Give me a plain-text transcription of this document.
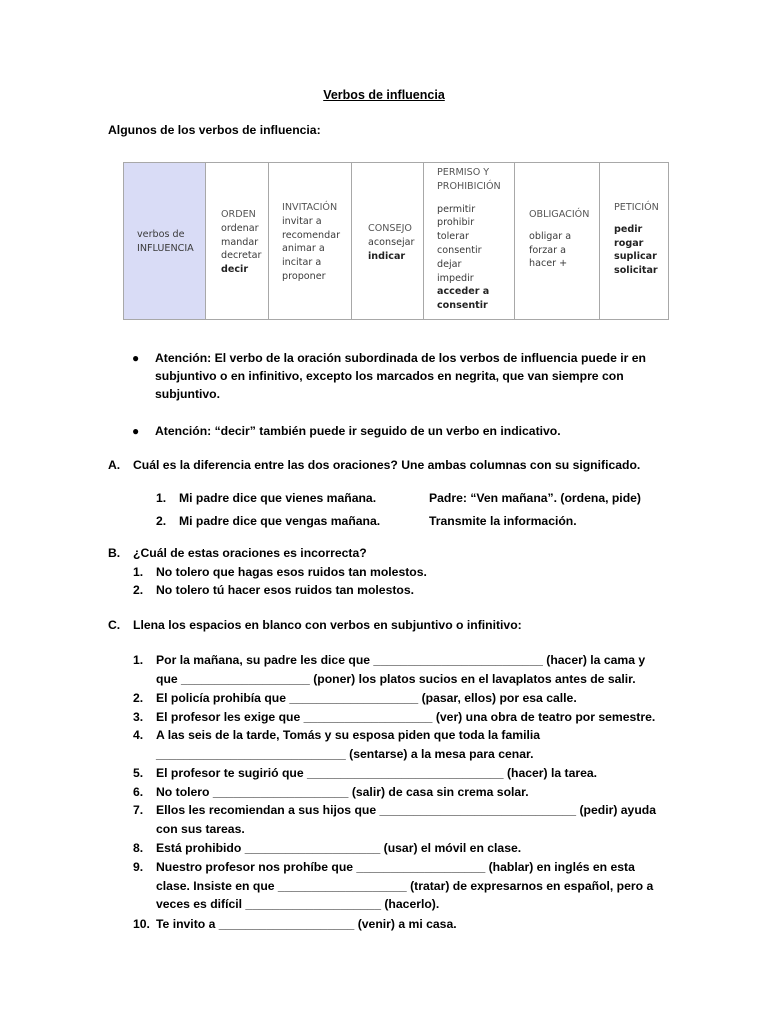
Verbos de influencia
Algunos de los verbos de influencia:
verbos de
INFLUENCIA
ORDEN
ordenar
mandar
decretar
decir
INVITACIÓN
invitar a
recomendar
animar a
incitar a
proponer
CONSEJO
aconsejar
indicar
PERMISO Y
PROHIBICIÓN
permitir
prohibir
tolerar
consentir
dejar
impedir
acceder a
consentir
OBLIGACIÓN
obligar a
forzar a
hacer +
PETICIÓN
pedir
rogar
suplicar
solicitar
● Atención: El verbo de la oración subordinada de los verbos de influencia puede ir en
subjuntivo o en infinitivo, excepto los marcados en negrita, que van siempre con
subjuntivo.
● Atención: “decir” también puede ir seguido de un verbo en indicativo.
A. Cuál es la diferencia entre las dos oraciones? Une ambas columnas con su significado.
1. Mi padre dice que vienes mañana.	Padre: “Ven mañana”. (ordena, pide)
2. Mi padre dice que vengas mañana.	Transmite la información.
B. ¿Cuál de estas oraciones es incorrecta?
1. No tolero que hagas esos ruidos tan molestos.
2. No tolero tú hacer esos ruidos tan molestos.
C. Llena los espacios en blanco con verbos en subjuntivo o infinitivo:
1. Por la mañana, su padre les dice que _________________________ (hacer) la cama y
que ___________________ (poner) los platos sucios en el lavaplatos antes de salir.
2. El policía prohibía que ___________________ (pasar, ellos) por esa calle.
3. El profesor les exige que ___________________ (ver) una obra de teatro por semestre.
4. A las seis de la tarde, Tomás y su esposa piden que toda la familia
____________________________ (sentarse) a la mesa para cenar.
5. El profesor te sugirió que _____________________________ (hacer) la tarea.
6. No tolero ____________________ (salir) de casa sin crema solar.
7. Ellos les recomiendan a sus hijos que _____________________________ (pedir) ayuda
con sus tareas.
8. Está prohibido ____________________ (usar) el móvil en clase.
9. Nuestro profesor nos prohíbe que ___________________ (hablar) en inglés en esta
clase. Insiste en que ___________________ (tratar) de expresarnos en español, pero a
veces es difícil ____________________ (hacerlo).
10. Te invito a ____________________ (venir) a mi casa.
